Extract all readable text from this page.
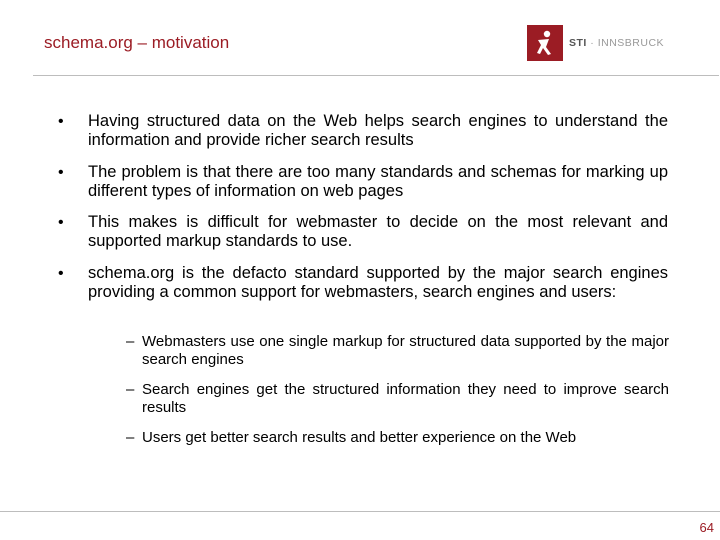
schema.org – motivation	STI · INNSBRUCK
• Having structured data on the Web helps search engines to understand the information and provide richer search results
• The problem is that there are too many standards and schemas for marking up different types of information on web pages
• This makes is difficult for webmaster to decide on the most relevant and supported markup standards to use.
• schema.org is the defacto standard supported by the major search engines providing a common support for webmasters, search engines and users:
– Webmasters use one single markup for structured data supported by the major search engines
– Search engines get the structured information they need to improve search results
– Users get better search results and better experience on the Web
64
